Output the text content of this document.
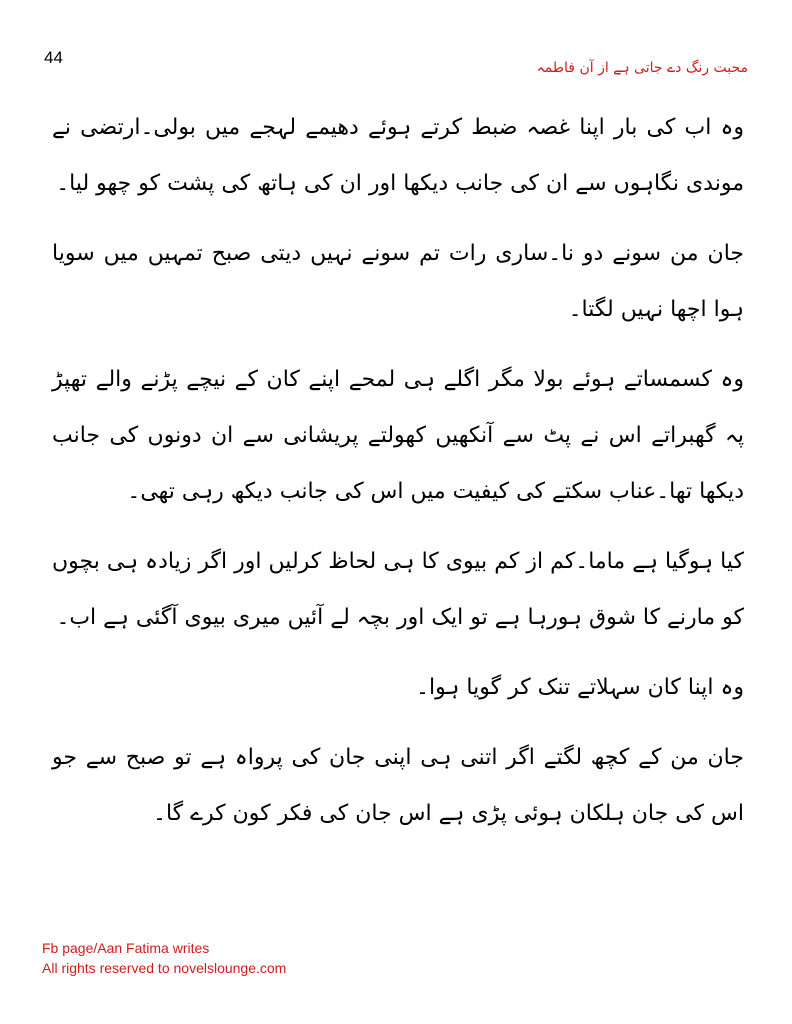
44
محبت رنگ دے جاتی ہے از آن فاطمہ

وہ اب کی بار اپنا غصہ ضبط کرتے ہوئے دھیمے لہجے میں بولی۔ارتضی نے موندی نگاہوں سے ان کی جانب دیکھا اور ان کی ہاتھ کی پشت کو چھو لیا۔

جان من سونے دو نا۔ساری رات تم سونے نہیں دیتی صبح تمہیں میں سویا ہوا اچھا نہیں لگتا۔

وہ کسمساتے ہوئے بولا مگر اگلے ہی لمحے اپنے کان کے نیچے پڑنے والے تھپڑ پہ گھبراتے اس نے پٹ سے آنکھیں کھولتے پریشانی سے ان دونوں کی جانب دیکھا تھا۔عناب سکتے کی کیفیت میں اس کی جانب دیکھ رہی تھی۔

کیا ہوگیا ہے ماما۔کم از کم بیوی کا ہی لحاظ کرلیں اور اگر زیادہ ہی بچوں کو مارنے کا شوق ہورہا ہے تو ایک اور بچہ لے آئیں میری بیوی آگئی ہے اب۔

وہ اپنا کان سہلاتے تنک کر گویا ہوا۔

جان من کے کچھ لگتے اگر اتنی ہی اپنی جان کی پرواہ ہے تو صبح سے جو اس کی جان ہلکان ہوئی پڑی ہے اس جان کی فکر کون کرے گا۔

Fb page/Aan Fatima writes
All rights reserved to novelslounge.com
